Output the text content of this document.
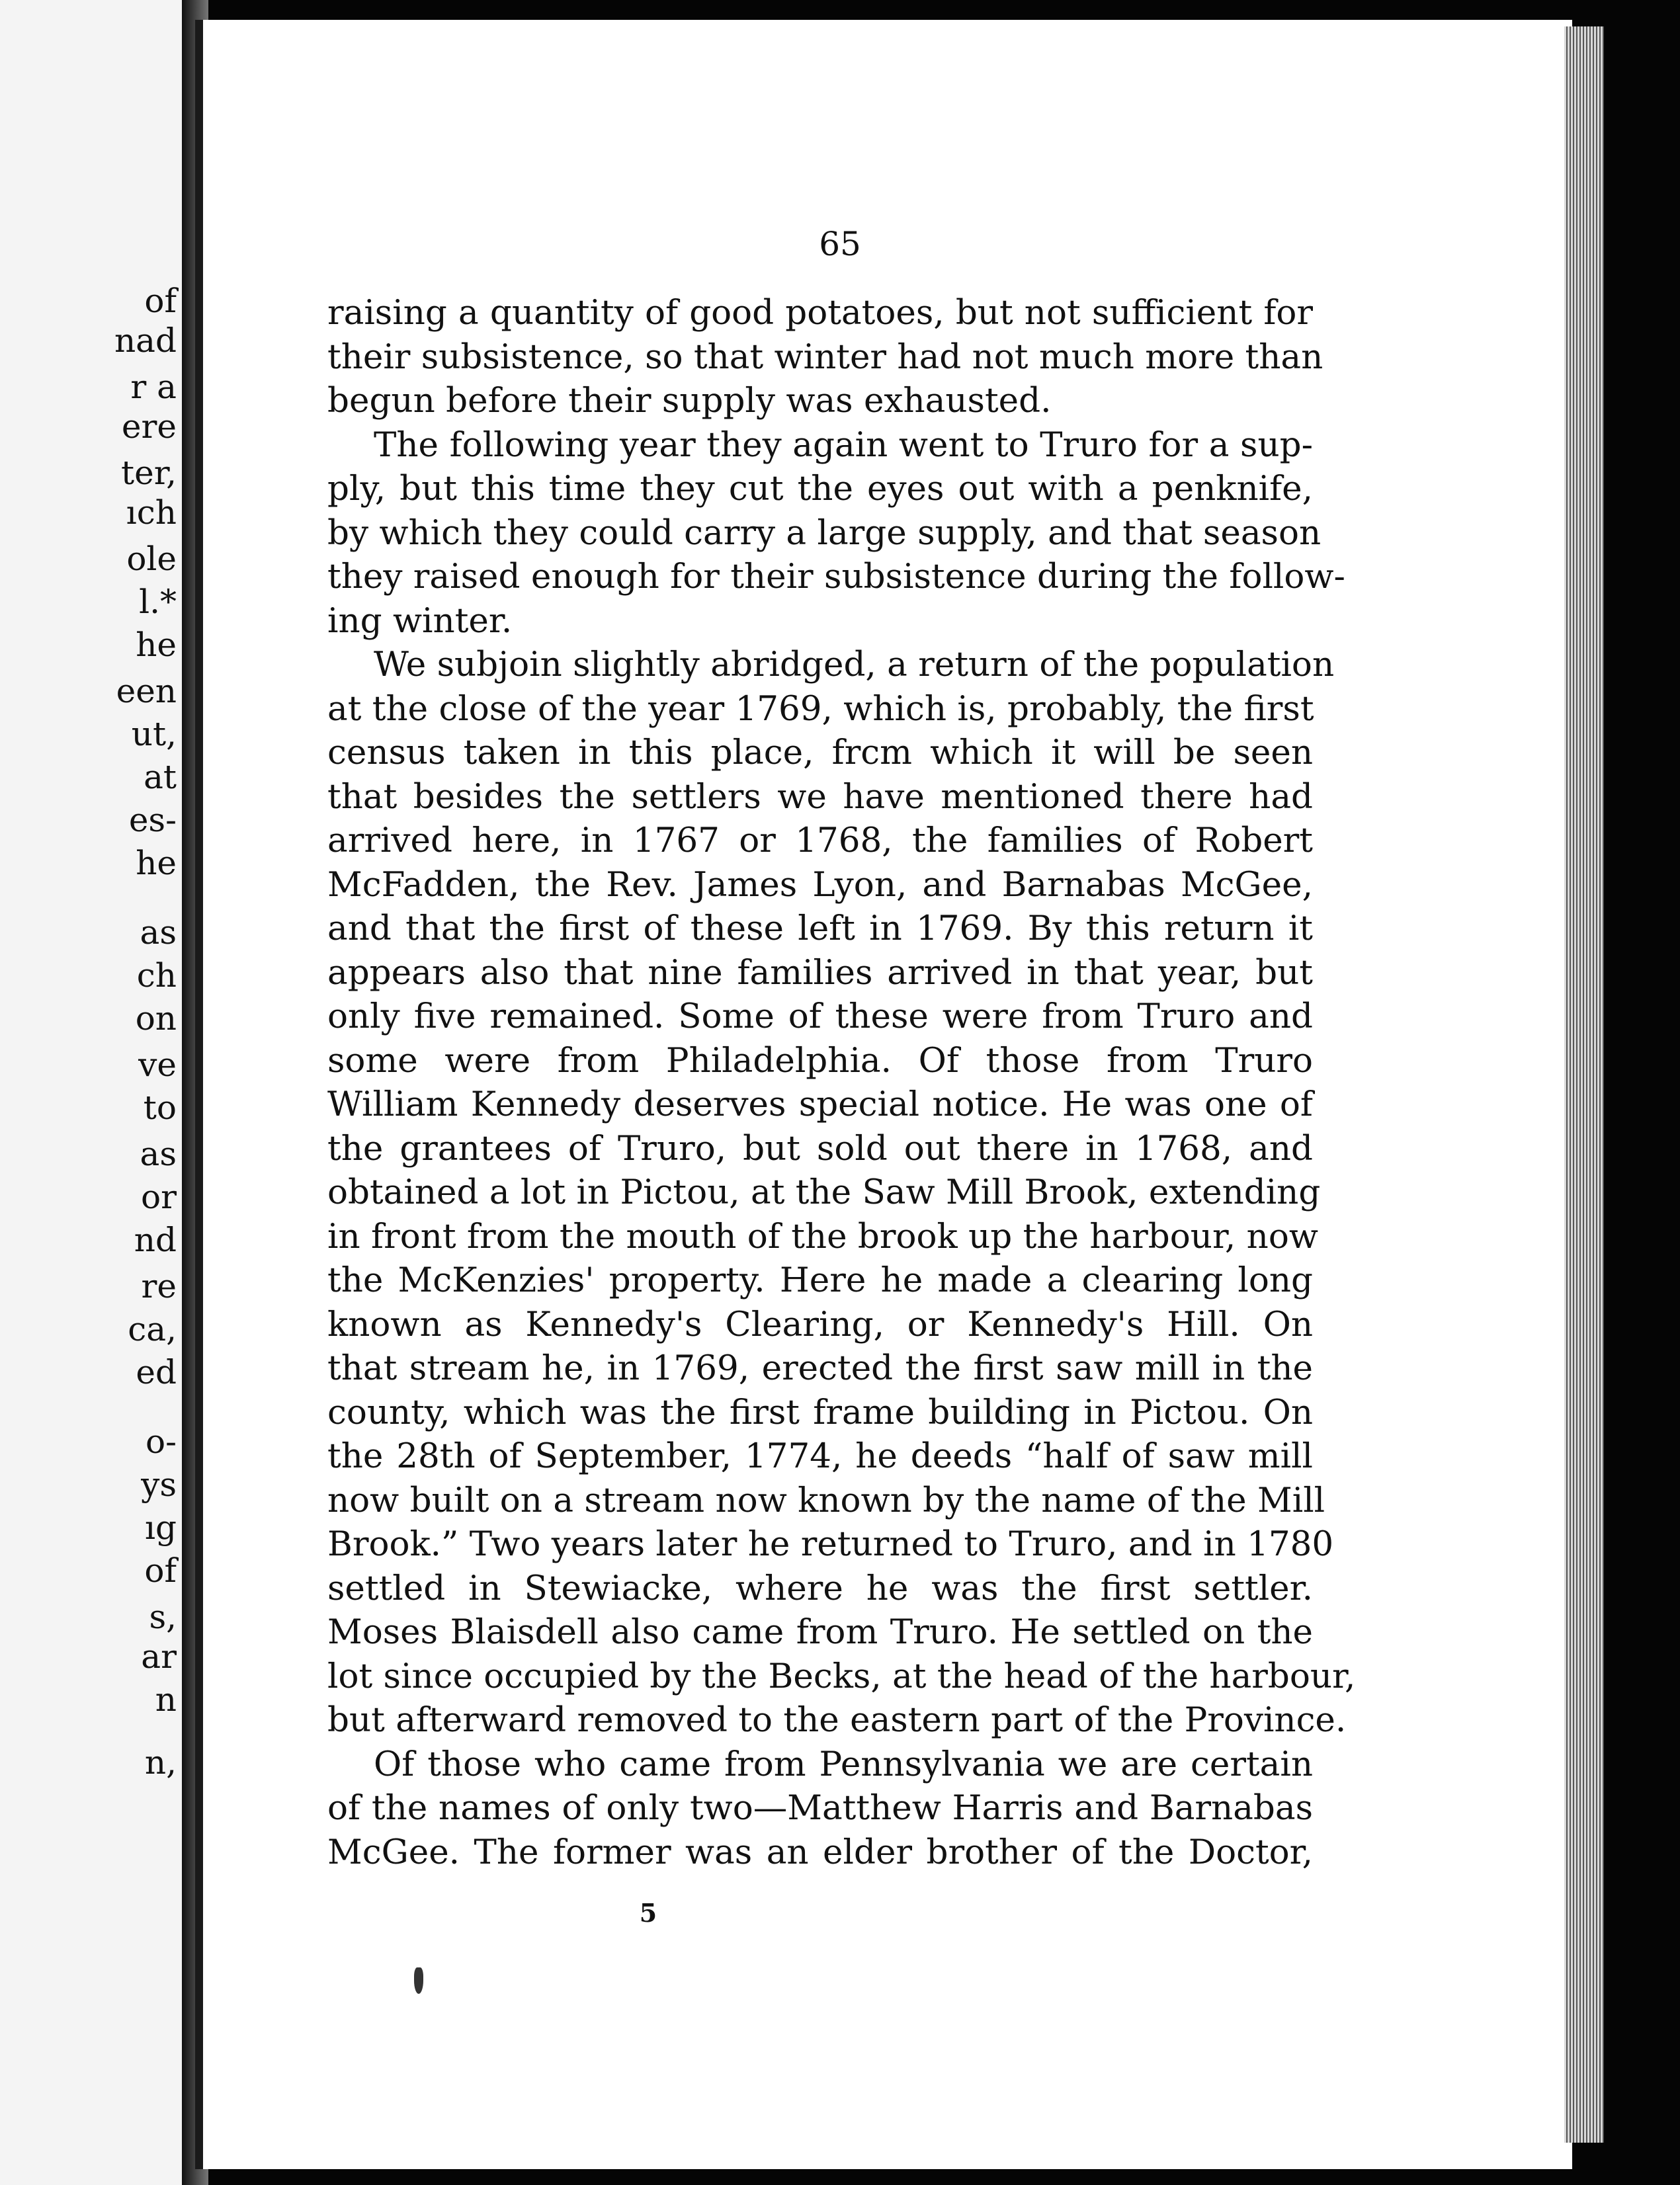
of
nad
r a
ere
ter,
ıch
ole
l.*
he
een
ut,
at
es-
he
as
ch
on
ve
to
as
or
nd
re
ca,
ed
o-
ys
ıg
of
s,
ar
n
n,
65
raising a quantity of good potatoes, but not sufficient for
their subsistence, so that winter had not much more than
begun before their supply was exhausted.
The following year they again went to Truro for a sup-
ply, but this time they cut the eyes out with a penknife,
by which they could carry a large supply, and that season
they raised enough for their subsistence during the follow-
ing winter.
We subjoin slightly abridged, a return of the population
at the close of the year 1769, which is, probably, the first
census taken in this place, frcm which it will be seen
that besides the settlers we have mentioned there had
arrived here, in 1767 or 1768, the families of Robert
McFadden, the Rev. James Lyon, and Barnabas McGee,
and that the first of these left in 1769. By this return it
appears also that nine families arrived in that year, but
only five remained. Some of these were from Truro and
some were from Philadelphia. Of those from Truro
William Kennedy deserves special notice. He was one of
the grantees of Truro, but sold out there in 1768, and
obtained a lot in Pictou, at the Saw Mill Brook, extending
in front from the mouth of the brook up the harbour, now
the McKenzies' property. Here he made a clearing long
known as Kennedy's Clearing, or Kennedy's Hill. On
that stream he, in 1769, erected the first saw mill in the
county, which was the first frame building in Pictou. On
the 28th of September, 1774, he deeds “half of saw mill
now built on a stream now known by the name of the Mill
Brook.” Two years later he returned to Truro, and in 1780
settled in Stewiacke, where he was the first settler.
Moses Blaisdell also came from Truro. He settled on the
lot since occupied by the Becks, at the head of the harbour,
but afterward removed to the eastern part of the Province.
Of those who came from Pennsylvania we are certain
of the names of only two—Matthew Harris and Barnabas
McGee. The former was an elder brother of the Doctor,
5
